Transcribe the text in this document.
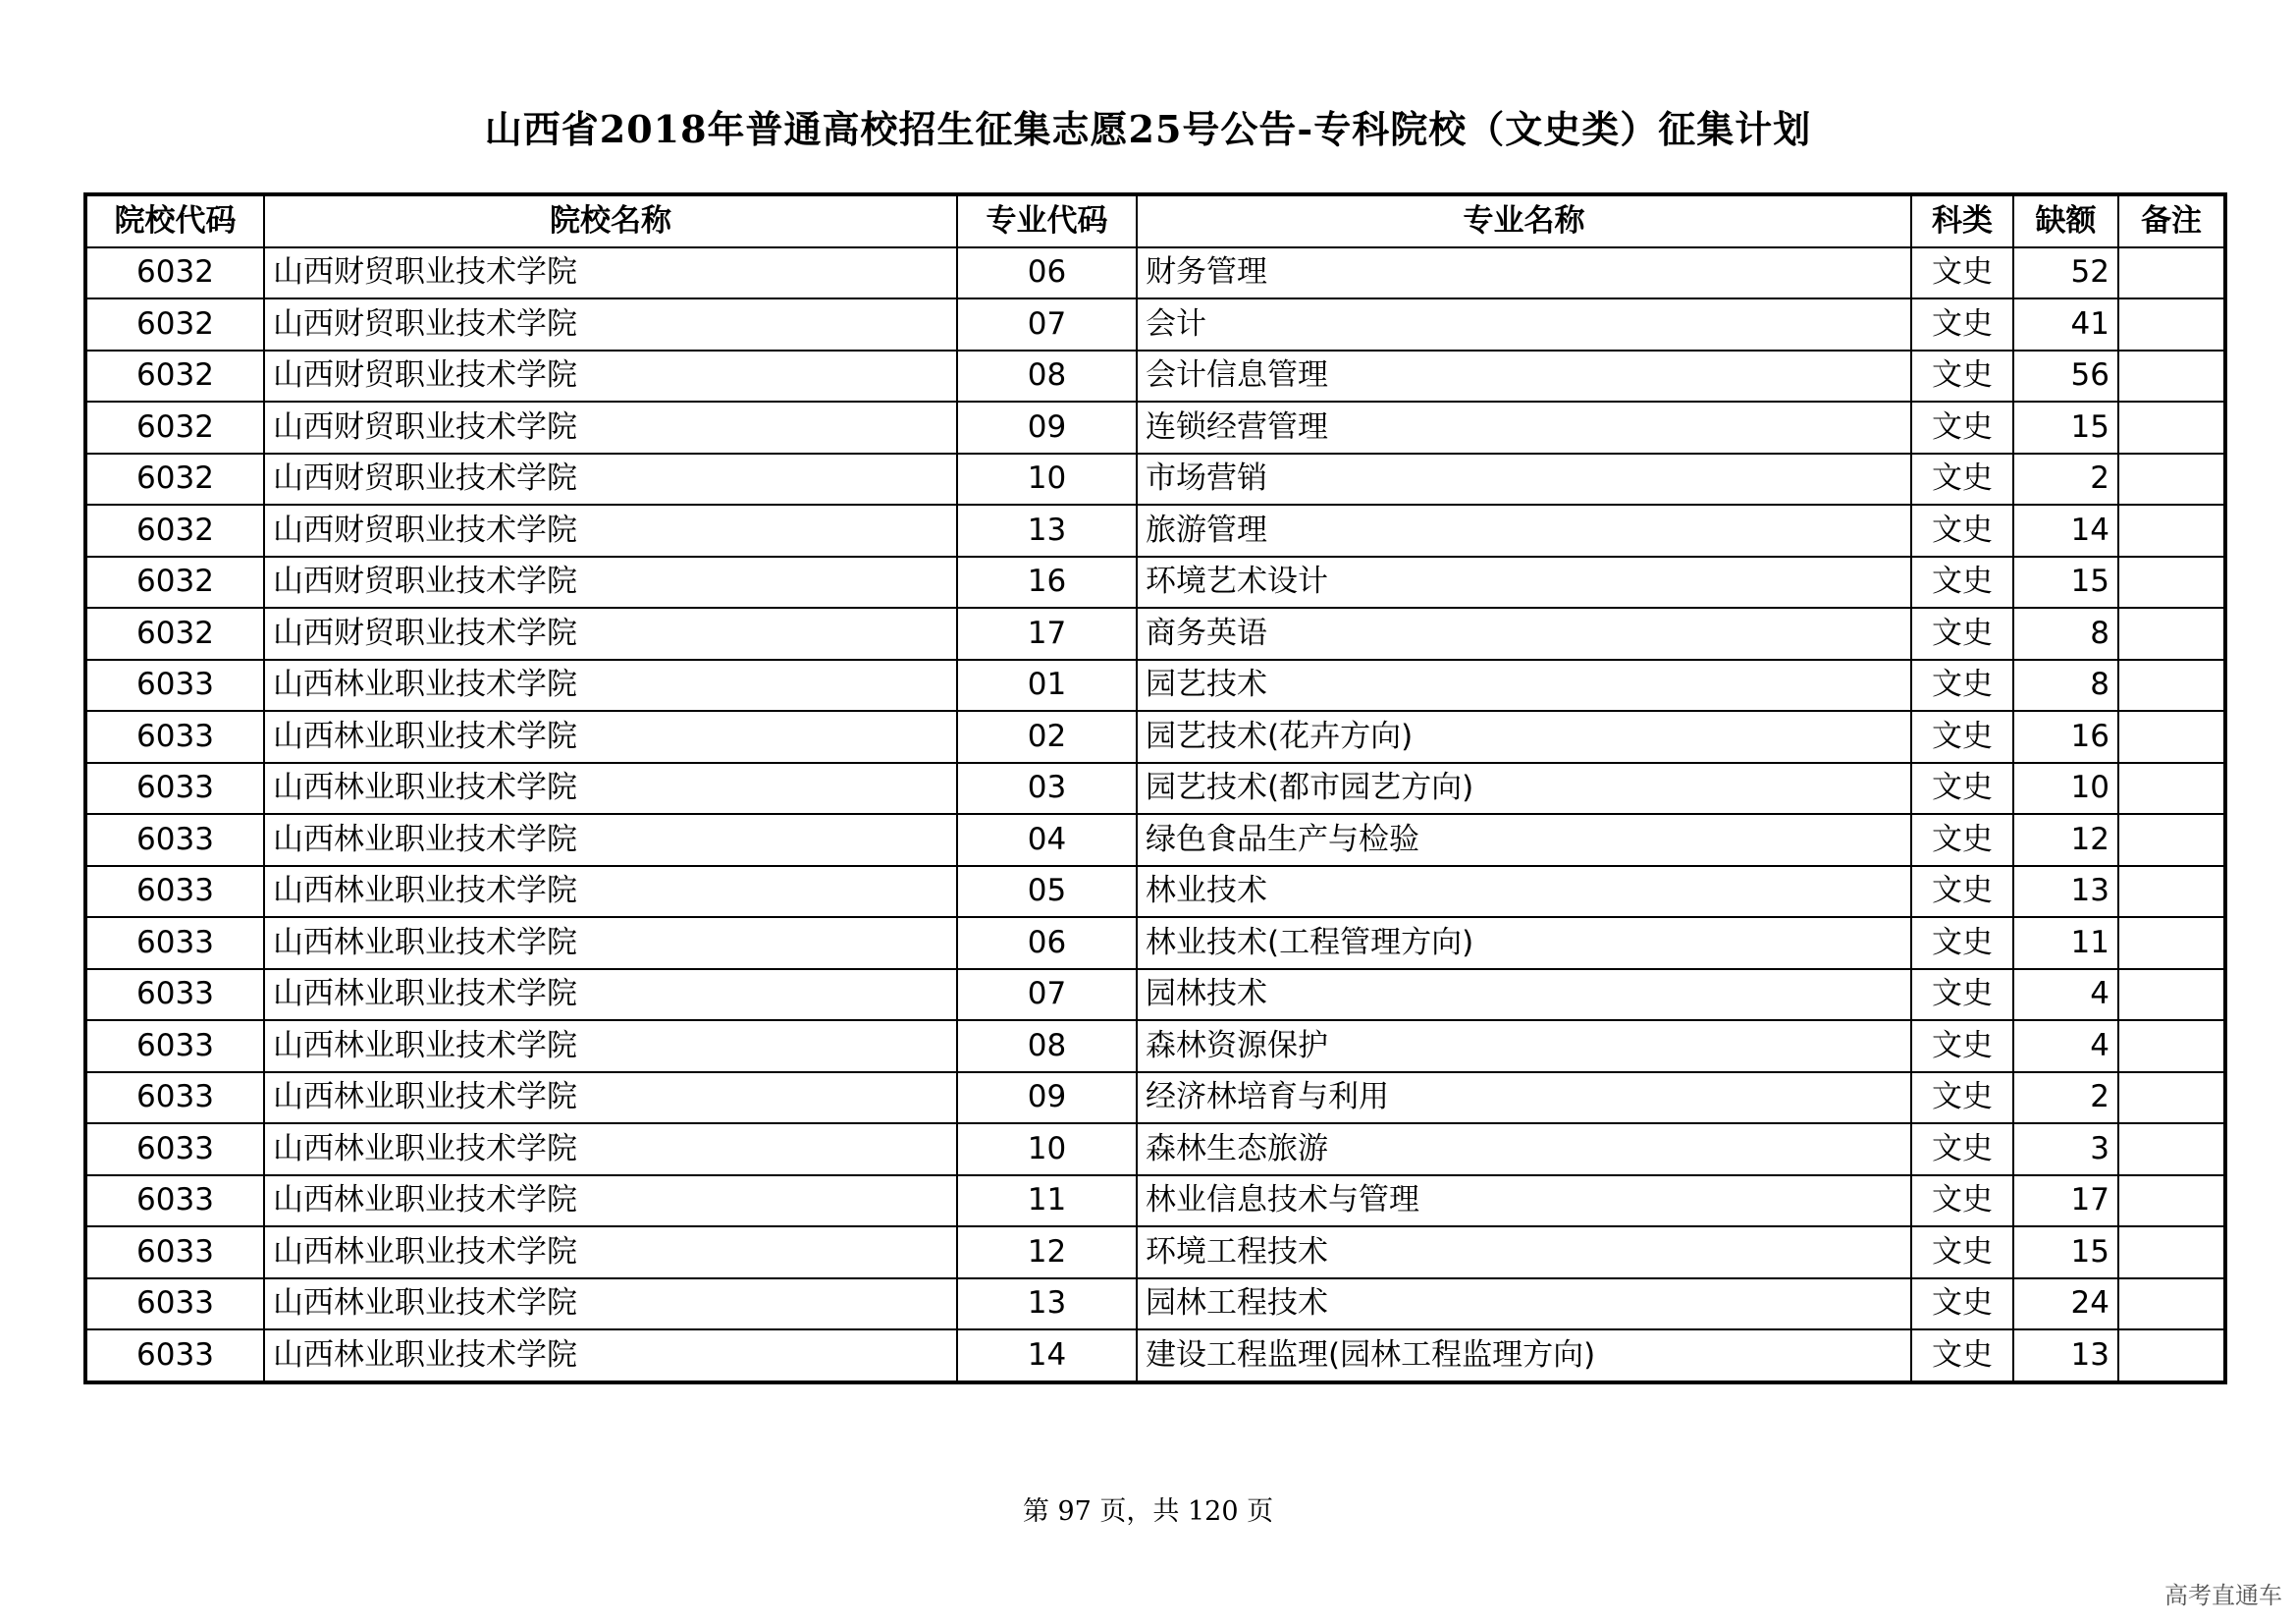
山西省2018年普通高校招生征集志愿25号公告-专科院校（文史类）征集计划
院校代码	院校名称	专业代码	专业名称	科类	缺额	备注
6032	山西财贸职业技术学院	06	财务管理	文史	52	
6032	山西财贸职业技术学院	07	会计	文史	41	
6032	山西财贸职业技术学院	08	会计信息管理	文史	56	
6032	山西财贸职业技术学院	09	连锁经营管理	文史	15	
6032	山西财贸职业技术学院	10	市场营销	文史	2	
6032	山西财贸职业技术学院	13	旅游管理	文史	14	
6032	山西财贸职业技术学院	16	环境艺术设计	文史	15	
6032	山西财贸职业技术学院	17	商务英语	文史	8	
6033	山西林业职业技术学院	01	园艺技术	文史	8	
6033	山西林业职业技术学院	02	园艺技术(花卉方向)	文史	16	
6033	山西林业职业技术学院	03	园艺技术(都市园艺方向)	文史	10	
6033	山西林业职业技术学院	04	绿色食品生产与检验	文史	12	
6033	山西林业职业技术学院	05	林业技术	文史	13	
6033	山西林业职业技术学院	06	林业技术(工程管理方向)	文史	11	
6033	山西林业职业技术学院	07	园林技术	文史	4	
6033	山西林业职业技术学院	08	森林资源保护	文史	4	
6033	山西林业职业技术学院	09	经济林培育与利用	文史	2	
6033	山西林业职业技术学院	10	森林生态旅游	文史	3	
6033	山西林业职业技术学院	11	林业信息技术与管理	文史	17	
6033	山西林业职业技术学院	12	环境工程技术	文史	15	
6033	山西林业职业技术学院	13	园林工程技术	文史	24	
6033	山西林业职业技术学院	14	建设工程监理(园林工程监理方向)	文史	13	
第 97 页，共 120 页
高考直通车
